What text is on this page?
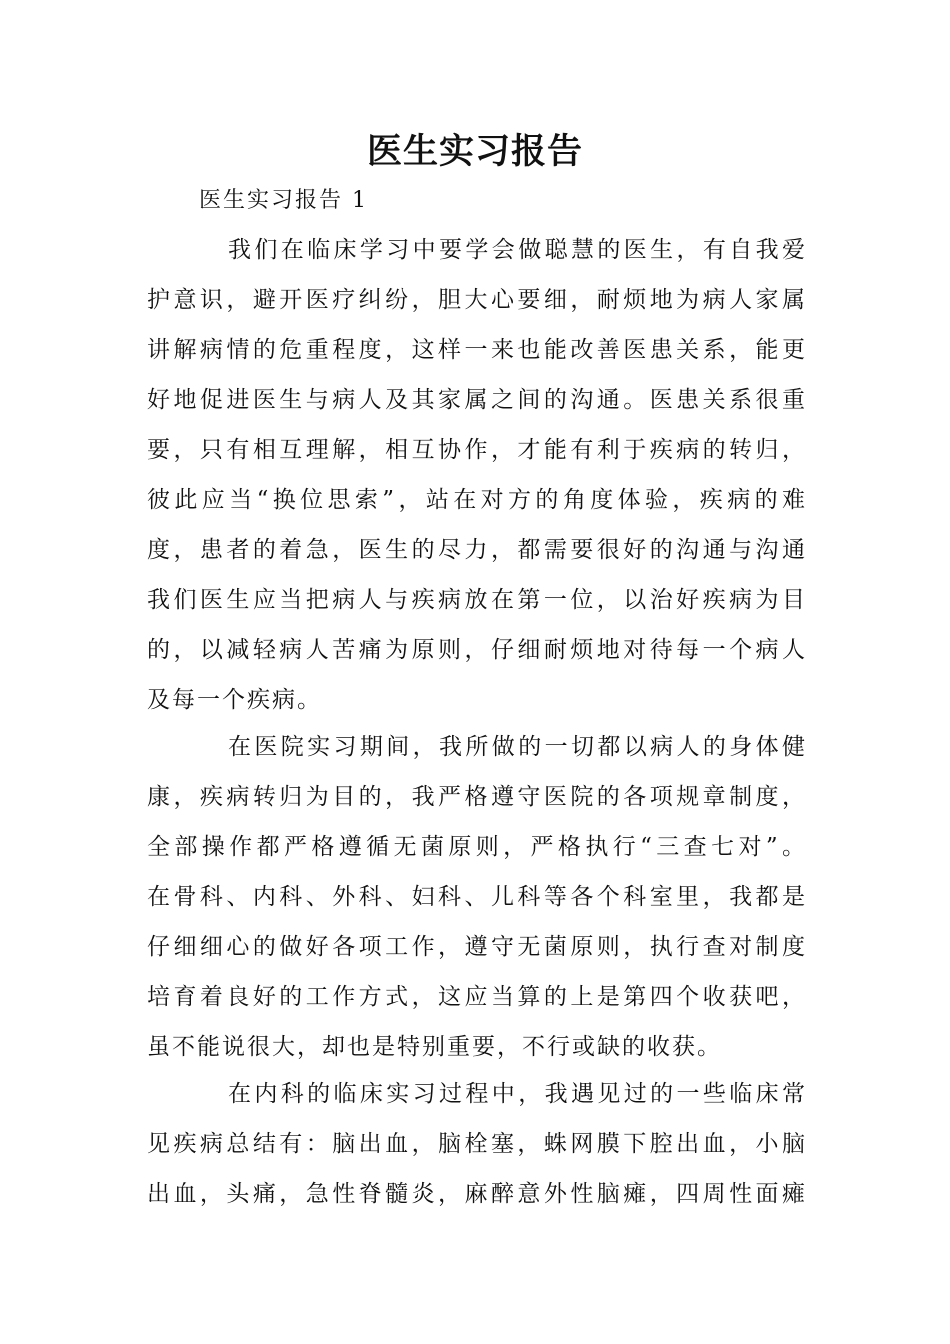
医生实习报告

医生实习报告 1

我们在临床学习中要学会做聪慧的医生，有自我爱

护意识，避开医疗纠纷，胆大心要细，耐烦地为病人家属

讲解病情的危重程度，这样一来也能改善医患关系，能更

好地促进医生与病人及其家属之间的沟通。医患关系很重

要，只有相互理解，相互协作，才能有利于疾病的转归，

彼此应当“换位思索”，站在对方的角度体验，疾病的难

度，患者的着急，医生的尽力，都需要很好的沟通与沟通

我们医生应当把病人与疾病放在第一位，以治好疾病为目

的，以减轻病人苦痛为原则，仔细耐烦地对待每一个病人

及每一个疾病。

在医院实习期间，我所做的一切都以病人的身体健

康，疾病转归为目的，我严格遵守医院的各项规章制度，

全部操作都严格遵循无菌原则，严格执行“三查七对”。

在骨科、内科、外科、妇科、儿科等各个科室里，我都是

仔细细心的做好各项工作，遵守无菌原则，执行查对制度

培育着良好的工作方式，这应当算的上是第四个收获吧，

虽不能说很大，却也是特别重要，不行或缺的收获。

在内科的临床实习过程中，我遇见过的一些临床常

见疾病总结有：脑出血，脑栓塞，蛛网膜下腔出血，小脑

出血，头痛，急性脊髓炎，麻醉意外性脑瘫，四周性面瘫
